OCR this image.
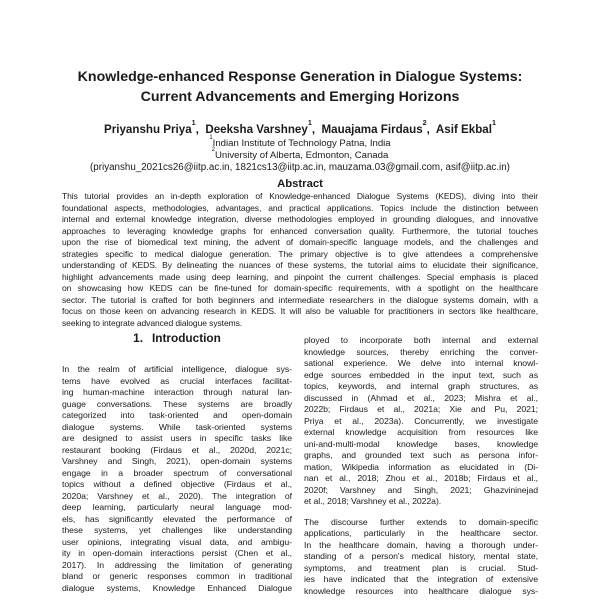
Knowledge-enhanced Response Generation in Dialogue Systems:
Current Advancements and Emerging Horizons
Priyanshu Priya$^1$ ,  Deeksha Varshney$^1$ ,  Mauajama Firdaus$^2$ ,  Asif Ekbal$^1$
$^1$Indian Institute of Technology Patna, India
$^2$University of Alberta, Edmonton, Canada
(priyanshu_2021cs26@iitp.ac.in, 1821cs13@iitp.ac.in, mauzama.03@gmail.com, asif@iitp.ac.in)
Abstract
This tutorial provides an in-depth exploration of Knowledge-enhanced Dialogue Systems (KEDS), diving into their
foundational aspects, methodologies, advantages, and practical applications. Topics include the distinction between
internal and external knowledge integration, diverse methodologies employed in grounding dialogues, and innovative
approaches to leveraging knowledge graphs for enhanced conversation quality. Furthermore, the tutorial touches
upon the rise of biomedical text mining, the advent of domain-specific language models, and the challenges and
strategies specific to medical dialogue generation. The primary objective is to give attendees a comprehensive
understanding of KEDS. By delineating the nuances of these systems, the tutorial aims to elucidate their significance,
highlight advancements made using deep learning, and pinpoint the current challenges. Special emphasis is placed
on showcasing how KEDS can be fine-tuned for domain-specific requirements, with a spotlight on the healthcare
sector. The tutorial is crafted for both beginners and intermediate researchers in the dialogue systems domain, with a
focus on those keen on advancing research in KEDS. It will also be valuable for practitioners in sectors like healthcare,
seeking to integrate advanced dialogue systems.
1. Introduction
In the realm of artificial intelligence, dialogue sys-
tems have evolved as crucial interfaces facilitat-
ing human-machine interaction through natural lan-
guage conversations. These systems are broadly
categorized into task-oriented and open-domain
dialogue systems. While task-oriented systems
are designed to assist users in specific tasks like
restaurant booking (Firdaus et al., 2020d, 2021c;
Varshney and Singh, 2021), open-domain systems
engage in a broader spectrum of conversational
topics without a defined objective (Firdaus et al.,
2020a; Varshney et al., 2020). The integration of
deep learning, particularly neural language mod-
els, has significantly elevated the performance of
these systems, yet challenges like understanding
user opinions, integrating visual data, and ambigu-
ity in open-domain interactions persist (Chen et al.,
2017). In addressing the limitation of generating
bland or generic responses common in traditional
dialogue systems, Knowledge Enhanced Dialogue
ployed to incorporate both internal and external
knowledge sources, thereby enriching the conver-
sational experience. We delve into internal knowl-
edge sources embedded in the input text, such as
topics, keywords, and internal graph structures, as
discussed in (Ahmad et al., 2023; Mishra et al.,
2022b; Firdaus et al., 2021a; Xie and Pu, 2021;
Priya et al., 2023a). Concurrently, we investigate
external knowledge acquisition from resources like
uni-and-multi-modal knowledge bases, knowledge
graphs, and grounded text such as persona infor-
mation, Wikipedia information as elucidated in (Di-
nan et al., 2018; Zhou et al., 2018b; Firdaus et al.,
2020f; Varshney and Singh, 2021; Ghazvininejad
et al., 2018; Varshney et al., 2022a).
The discourse further extends to domain-specific
applications, particularly in the healthcare sector.
In the healthcare domain, having a thorough under-
standing of a person's medical history, mental state,
symptoms, and treatment plan is crucial. Stud-
ies have indicated that the integration of extensive
knowledge resources into healthcare dialogue sys-
